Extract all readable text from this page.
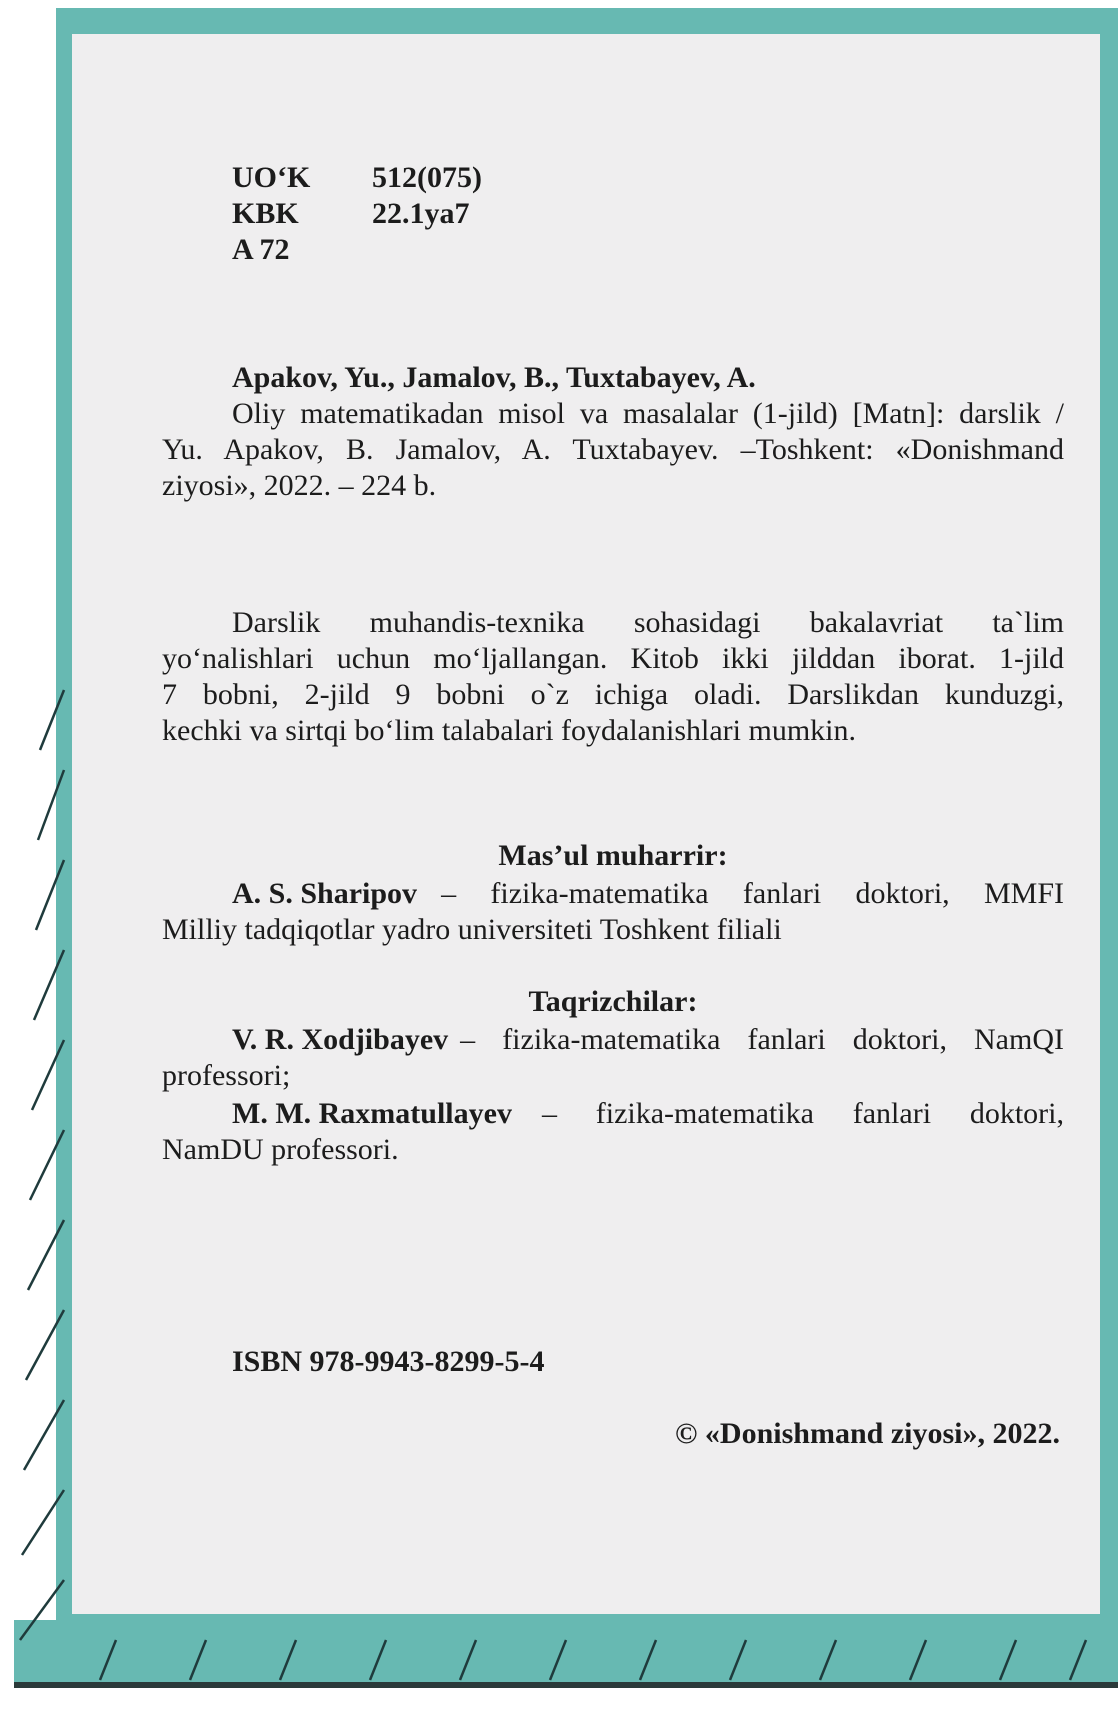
UO‘K 512(075)
KBK 22.1ya7
A 72
Apakov, Yu., Jamalov, B., Tuxtabayev, A.
Oliy matematikadan misol va masalalar (1-jild) [Matn]: darslik /
Yu. Apakov, B. Jamalov, A. Tuxtabayev. –Toshkent: «Donishmand
ziyosi», 2022. – 224 b.
Darslik muhandis-texnika sohasidagi bakalavriat ta`lim
yo‘nalishlari uchun mo‘ljallangan. Kitob ikki jilddan iborat. 1-jild
7 bobni, 2-jild 9 bobni o`z ichiga oladi. Darslikdan kunduzgi,
kechki va sirtqi bo‘lim talabalari foydalanishlari mumkin.
Mas’ul muharrir:
A. S. Sharipov – fizika-matematika fanlari doktori, MMFI
Milliy tadqiqotlar yadro universiteti Toshkent filiali
Taqrizchilar:
V. R. Xodjibayev – fizika-matematika fanlari doktori, NamQI
professori;
M. M. Raxmatullayev – fizika-matematika fanlari doktori,
NamDU professori.
ISBN 978-9943-8299-5-4
© «Donishmand ziyosi», 2022.
